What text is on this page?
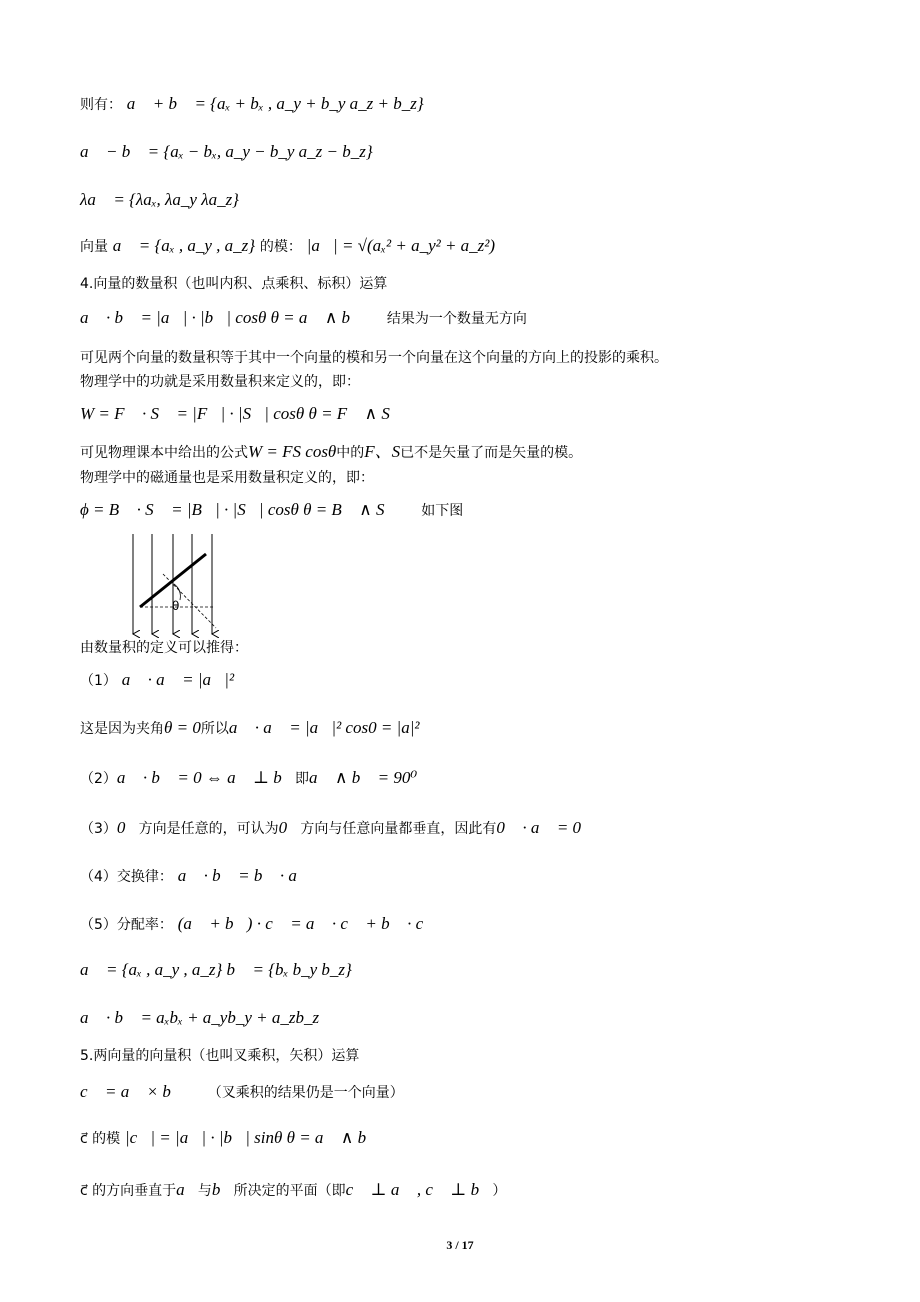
则有： a⃗ + b⃗ = {aₓ + bₓ , a_y + b_y a_z + b_z}
a⃗ − b⃗ = {aₓ − bₓ, a_y − b_y a_z − b_z}
λa⃗ = {λaₓ, λa_y λa_z}
向量 a⃗ = {aₓ , a_y , a_z} 的模： |a⃗| = √(aₓ² + a_y² + a_z²)
4.向量的数量积（也叫内积、点乘积、标积）运算
a⃗ · b⃗ = |a⃗| · |b⃗| cosθ θ = a⃗ ∧ b⃗ 结果为一个数量无方向
可见两个向量的数量积等于其中一个向量的模和另一个向量在这个向量的方向上的投影的乘积。
物理学中的功就是采用数量积来定义的，即：
W = F⃗ · S⃗ = |F⃗| · |S⃗| cosθ θ = F⃗ ∧ S⃗
可见物理课本中给出的公式W = FS cosθ中的F、S已不是矢量了而是矢量的模。
物理学中的磁通量也是采用数量积定义的，即：
ϕ = B⃗ · S⃗ = |B⃗| · |S⃗| cosθ θ = B⃗ ∧ S⃗ 如下图
θ
由数量积的定义可以推得：
（1） a⃗ · a⃗ = |a⃗|²
这是因为夹角θ = 0所以a⃗ · a⃗ = |a⃗|² cos0 = |a|²
（2）a⃗ · b⃗ = 0 ⇔ a⃗ ⊥ b⃗即a⃗ ∧ b⃗ = 90⁰
（3）0⃗方向是任意的，可认为0⃗方向与任意向量都垂直，因此有0⃗ · a⃗ = 0
（4）交换律： a⃗ · b⃗ = b⃗ · a⃗
（5）分配率： (a⃗ + b⃗) · c⃗ = a⃗ · c⃗ + b⃗ · c⃗
a⃗ = {aₓ , a_y , a_z} b⃗ = {bₓ b_y b_z}
a⃗ · b⃗ = aₓbₓ + a_yb_y + a_zb_z
5.两向量的向量积（也叫叉乘积，矢积）运算
c⃗ = a⃗ × b⃗ （叉乘积的结果仍是一个向量）
c⃗ 的模 |c⃗| = |a⃗| · |b⃗| sinθ θ = a⃗ ∧ b⃗
c⃗ 的方向垂直于a⃗与b⃗所决定的平面（即c⃗ ⊥ a⃗ , c⃗ ⊥ b⃗）
3 / 17
